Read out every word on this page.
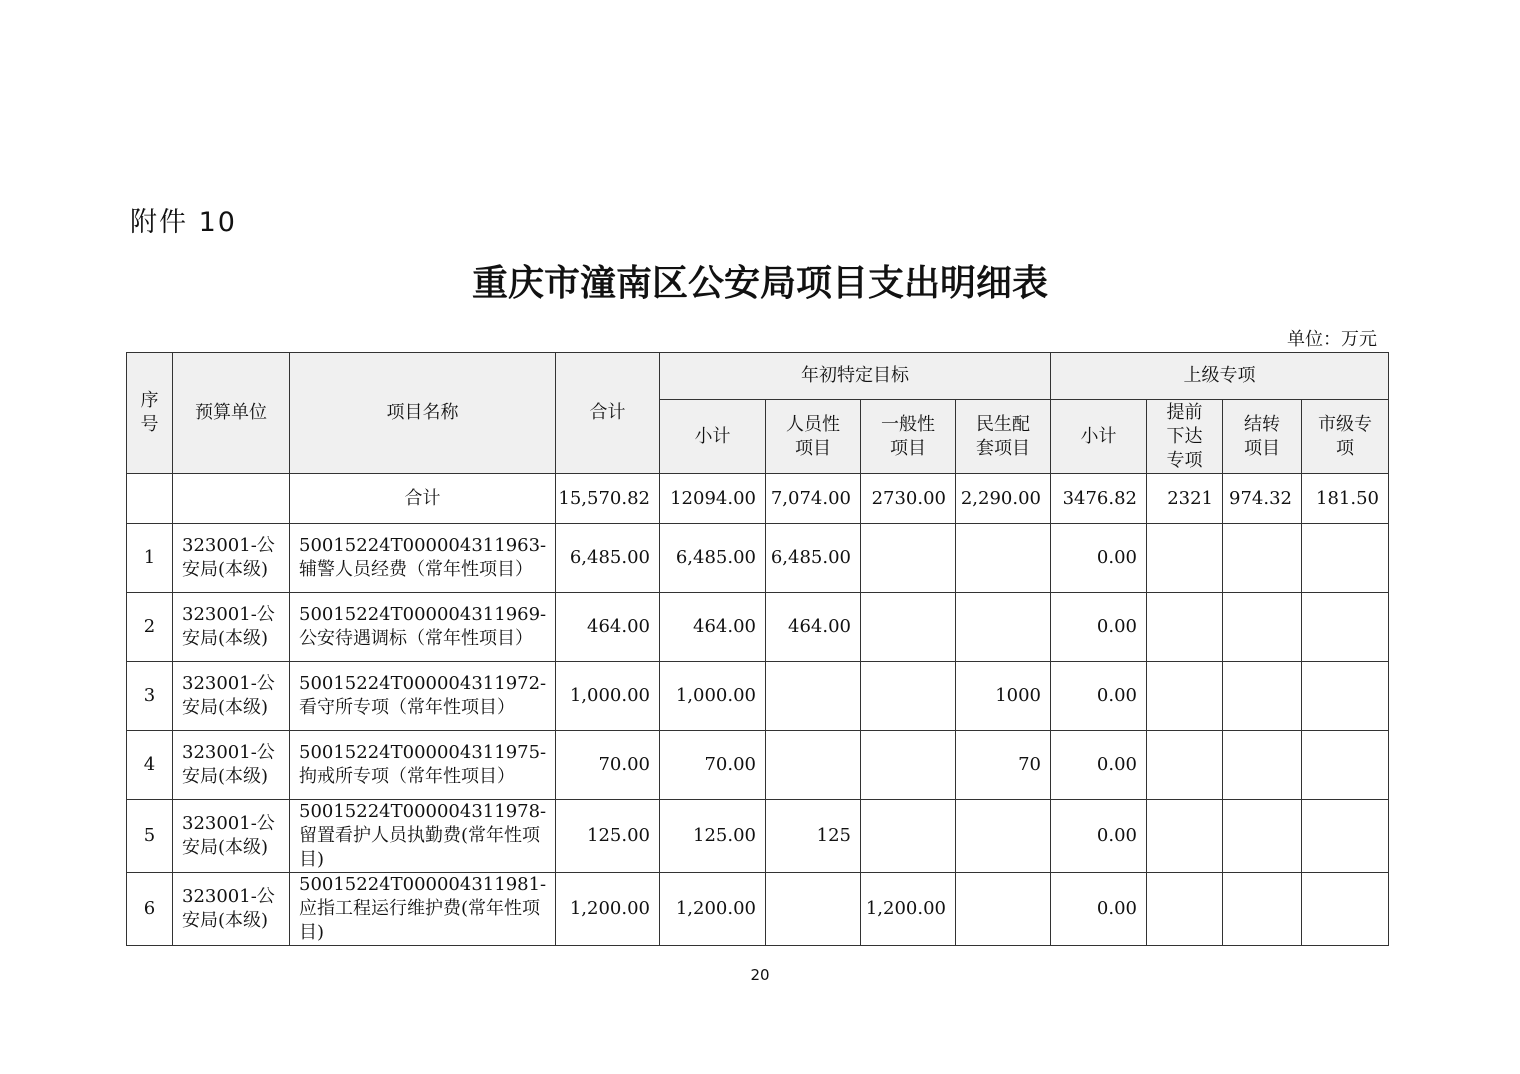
附件 10
重庆市潼南区公安局项目支出明细表
单位：万元
序号	预算单位	项目名称	合计	年初特定目标				上级专项			
				小计	人员性项目	一般性项目	民生配套项目	小计	提前下达专项	结转项目	市级专项
		合计	15,570.82	12094.00	7,074.00	2730.00	2,290.00	3476.82	2321	974.32	181.50
1	323001-公安局(本级)	50015224T000004311963-辅警人员经费（常年性项目）	6,485.00	6,485.00	6,485.00			0.00			
2	323001-公安局(本级)	50015224T000004311969-公安待遇调标（常年性项目）	464.00	464.00	464.00			0.00			
3	323001-公安局(本级)	50015224T000004311972-看守所专项（常年性项目）	1,000.00	1,000.00			1000	0.00			
4	323001-公安局(本级)	50015224T000004311975-拘戒所专项（常年性项目）	70.00	70.00			70	0.00			
5	323001-公安局(本级)	50015224T000004311978-留置看护人员执勤费(常年性项目)	125.00	125.00	125			0.00			
6	323001-公安局(本级)	50015224T000004311981-应指工程运行维护费(常年性项目)	1,200.00	1,200.00		1,200.00		0.00			
20
